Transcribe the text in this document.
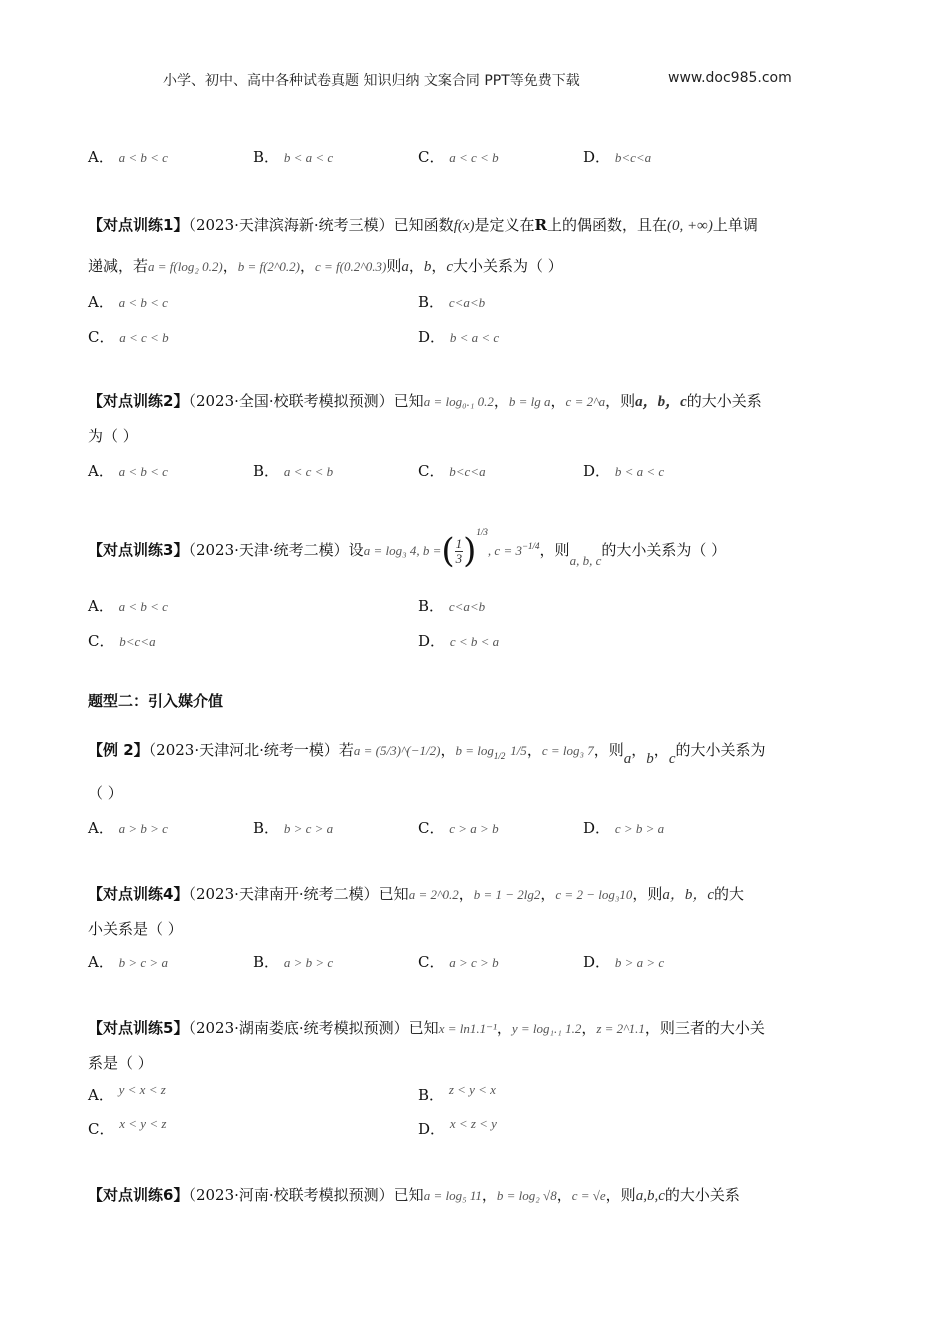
小学、初中、高中各种试卷真题 知识归纳 文案合同 PPT等免费下载	www.doc985.com
A． a < b < c	B． b < a < c	C． a < c < b	D． b<c<a
【对点训练1】（2023·天津滨海新·统考三模）已知函数f(x)是定义在R上的偶函数，且在(0, +∞)上单调
递减，若a = f(log₂ 0.2)，b = f(2^0.2)，c = f(0.2^0.3)则a，b，c大小关系为（ ）
A． a < b < c	B． c<a<b
C． a < c < b	D． b < a < c
【对点训练2】（2023·全国·校联考模拟预测）已知a = log₀.₁ 0.2，b = lg a，c = 2^a，则a，b，c的大小关系
为（ ）
A． a < b < c	B． a < c < b	C． b<c<a	D． b < a < c
【对点训练3】（2023·天津·统考二模）设a = log₃ 4, b =( $\frac{1}{3} )^{1/3}$, $c = 3^{-1/4}$，则a, b, c的大小关系为（ ）
A． a < b < c	B． c<a<b
C． b<c<a	D． c < b < a
题型二：引入媒介值
【例 2】（2023·天津河北·统考一模）若a = (5/3)^(−1/2)，$b = \log_{1/2} 1/5$，c = log₃ 7，则a，b，c的大小关系为
（ ）
A． a > b > c	B． b > c > a	C． c > a > b	D． c > b > a
【对点训练4】（2023·天津南开·统考二模）已知a = 2^0.2，b = 1 − 2lg2，c = 2 − log₃10，则a，b，c的大
小关系是（ ）
A． b > c > a	B． a > b > c	C． a > c > b	D． b > a > c
【对点训练5】（2023·湖南娄底·统考模拟预测）已知x = ln1.1⁻¹，y = log₁.₁ 1.2，z = 2^1.1，则三者的大小关
系是（ ）
A． y < x < z	B． z < y < x
C． x < y < z	D． x < z < y
【对点训练6】（2023·河南·校联考模拟预测）已知a = log₅ 11，b = log₂ √8，c = √e，则a,b,c的大小关系
